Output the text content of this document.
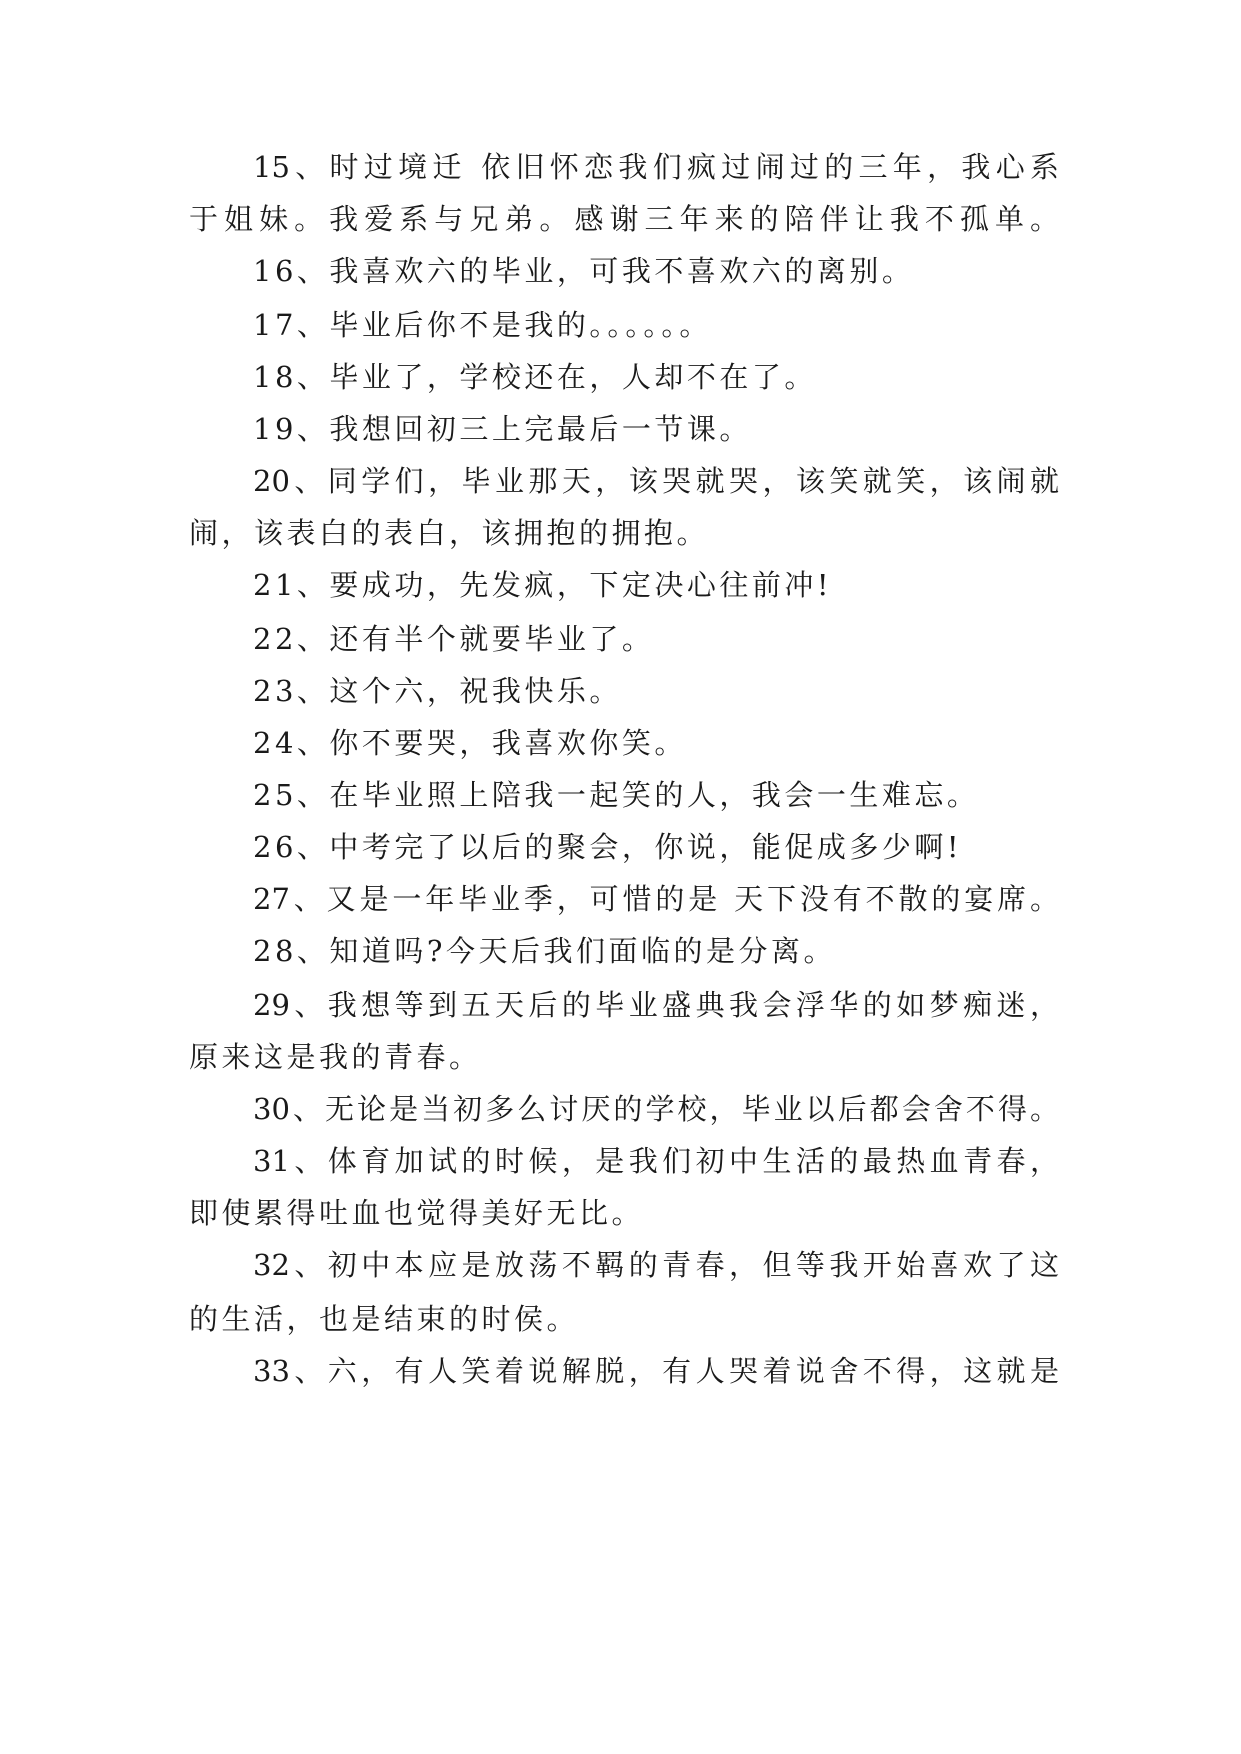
15、时过境迁 依旧怀恋我们疯过闹过的三年，我心系
于姐妹。我爱系与兄弟。感谢三年来的陪伴让我不孤单。
16、我喜欢六的毕业，可我不喜欢六的离别。
17、毕业后你不是我的。。。。。。
18、毕业了，学校还在，人却不在了。
19、我想回初三上完最后一节课。
20、同学们，毕业那天，该哭就哭，该笑就笑，该闹就
闹，该表白的表白，该拥抱的拥抱。
21、要成功，先发疯，下定决心往前冲!
22、还有半个就要毕业了。
23、这个六，祝我快乐。
24、你不要哭，我喜欢你笑。
25、在毕业照上陪我一起笑的人，我会一生难忘。
26、中考完了以后的聚会，你说，能促成多少啊!
27、又是一年毕业季，可惜的是 天下没有不散的宴席。
28、知道吗?今天后我们面临的是分离。
29、我想等到五天后的毕业盛典我会浮华的如梦痴迷，
原来这是我的青春。
30、无论是当初多么讨厌的学校，毕业以后都会舍不得。
31、体育加试的时候，是我们初中生活的最热血青春，
即使累得吐血也觉得美好无比。
32、初中本应是放荡不羁的青春，但等我开始喜欢了这
的生活，也是结束的时侯。
33、六，有人笑着说解脱，有人哭着说舍不得，这就是
